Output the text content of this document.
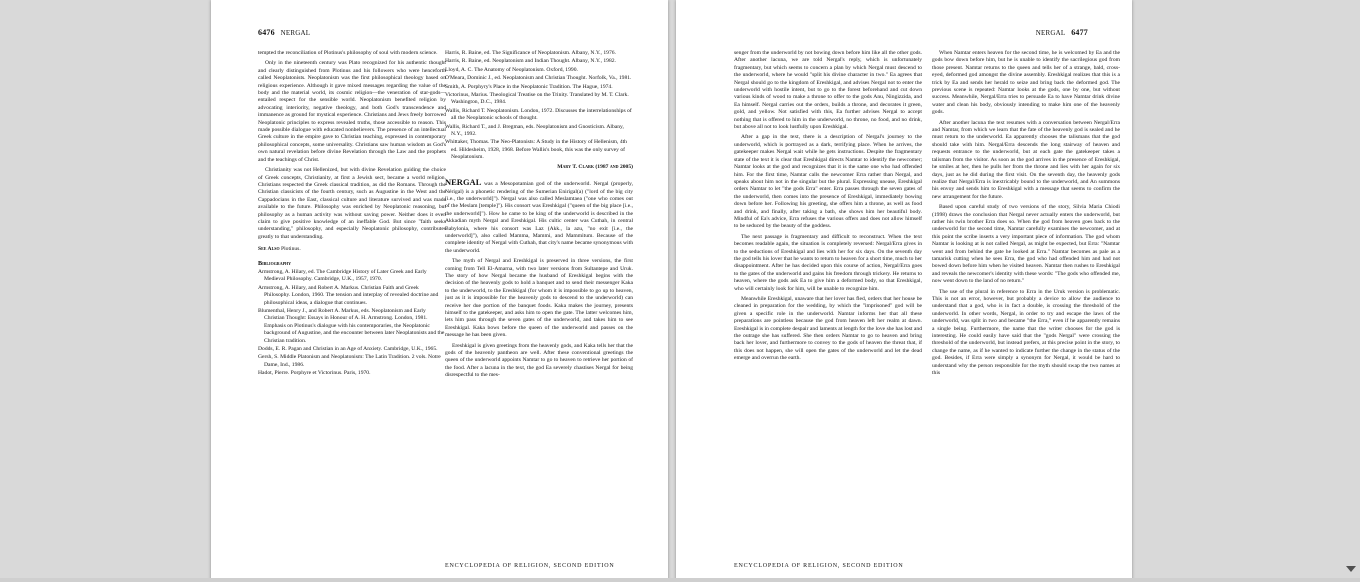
6476 NERGAL

tempted the reconciliation of Plotinus's philosophy of soul with modern science.

Only in the nineteenth century was Plato recognized for his authentic thought and clearly distinguished from Plotinus and his followers who were henceforth called Neoplatonists. Neoplatonism was the first philosophical theology based on religious experience. Although it gave mixed messages regarding the value of the body and the material world, its cosmic religion—the veneration of star-gods—entailed respect for the sensible world. Neoplatonism benefited religion by advocating interiority, negative theology, and both God's transcendence and immanence as ground for mystical experience. Christians and Jews freely borrowed Neoplatonic principles to express revealed truths, those accessible to reason. This made possible dialogue with educated nonbelievers. The presence of an intellectual Greek culture in the empire gave to Christian teaching, expressed in contemporary philosophical concepts, some universality. Christians saw human wisdom as God's own natural revelation before divine Revelation through the Law and the prophets and the teachings of Christ.

Christianity was not Hellenized, but with divine Revelation guiding the choice of Greek concepts, Christianity, at first a Jewish sect, became a world religion. Christians respected the Greek classical tradition, as did the Romans. Through the Christian classicists of the fourth century, such as Augustine in the West and the Cappadocians in the East, classical culture and literature survived and was made available to the future. Philosophy was enriched by Neoplatonic reasoning, but philosophy as a human activity was without saving power. Neither does it even claim to give positive knowledge of an ineffable God. But since "faith seeks understanding," philosophy, and especially Neoplatonic philosophy, contributes greatly to that understanding.

See Also Plotinus.

Bibliography

Armstrong, A. Hilary, ed. The Cambridge History of Later Greek and Early Medieval Philosophy. Cambridge, U.K., 1957, 1970.

Armstrong, A. Hilary, and Robert A. Markus. Christian Faith and Greek Philosophy. London, 1960. The tension and interplay of revealed doctrine and philosophical ideas, a dialogue that continues.

Blumenthal, Henry J., and Robert A. Markus, eds. Neoplatonism and Early Christian Thought: Essays in Honour of A. H. Armstrong. London, 1981. Emphasis on Plotinus's dialogue with his contemporaries, the Neoplatonic background of Augustine, and the encounter between later Neoplatonists and the Christian tradition.

Dodds, E. R. Pagan and Christian in an Age of Anxiety. Cambridge, U.K., 1965.

Gersh, S. Middle Platonism and Neoplatonism: The Latin Tradition. 2 vols. Notre Dame, Ind., 1986.

Hadot, Pierre. Porphyre et Victorinus. Paris, 1970.

Harris, R. Baine, ed. The Significance of Neoplatonism. Albany, N.Y., 1976.

Harris, R. Baine, ed. Neoplatonism and Indian Thought. Albany, N.Y., 1982.

Lloyd, A. C. The Anatomy of Neoplatonism. Oxford, 1990.

O'Meara, Dominic J., ed. Neoplatonism and Christian Thought. Norfolk, Va., 1981.

Smith, A. Porphyry's Place in the Neoplatonic Tradition. The Hague, 1974.

Victorinus, Marius. Theological Treatise on the Trinity. Translated by M. T. Clark. Washington, D.C., 1984.

Wallis, Richard T. Neoplatonism. London, 1972. Discusses the interrelationships of all the Neoplatonic schools of thought.

Wallis, Richard T., and J. Bregman, eds. Neoplatonism and Gnosticism. Albany, N.Y., 1992.

Whittaker, Thomas. The Neo-Platonists: A Study in the History of Hellenism, 4th ed. Hildesheim, 1928, 1968. Before Wallis's book, this was the only survey of Neoplatonism.

Mary T. Clark (1987 and 2005)

NERGAL was a Mesopotamian god of the underworld. Nergal (properly, Nérigal) is a phonetic rendering of the Sumerian Enirigal(a) ("lord of the big city [i.e., the underworld]"). Nergal was also called Meslamtaea ("one who comes out of the Meslam [temple]"). His consort was Ereshkigal ("queen of the big place [i.e., the underworld]"). How he came to be king of the underworld is described in the Akkadian myth Nergal and Ereshkigal. His cultic center was Cuthah, in central Babylonia, where his consort was Laz (Akk., la azu, "no exit [i.e., the underworld]"), also called Mamma, Mammi, and Mammitum. Because of the complete identity of Nergal with Cuthah, that city's name became synonymous with the underworld.

The myth of Nergal and Ereshkigal is preserved in three versions, the first coming from Tell El-Amarna, with two later versions from Sultantepe and Uruk. The story of how Nergal became the husband of Ereshkigal begins with the decision of the heavenly gods to hold a banquet and to send their messenger Kaka to the underworld, to the Ereshkigal (for whom it is impossible to go up to heaven, just as it is impossible for the heavenly gods to descend to the underworld) can receive her due portion of the banquet foods. Kaka makes the journey, presents himself to the gatekeeper, and asks him to open the gate. The latter welcomes him, lets him pass through the seven gates of the underworld, and takes him to see Ereshkigal. Kaka bows before the queen of the underworld and passes on the message he has been given.

Ereshkigal is given greetings from the heavenly gods, and Kaka tells her that the gods of the heavenly pantheon are well. After these conventional greetings the queen of the underworld appoints Namtar to go to heaven to retrieve her portion of the food. After a lacuna in the text, the god Ea severely chastises Nergal for being disrespectful to the mes-

ENCYCLOPEDIA OF RELIGION, SECOND EDITION
NERGAL 6477

senger from the underworld by not bowing down before him like all the other gods. After another lacuna, we are told Nergal's reply, which is unfortunately fragmentary, but which seems to concern a plan by which Nergal must descend to the underworld, where he would "split his divine character in two." Ea agrees that Nergal should go to the kingdom of Ereshkigal, and advises Nergal not to enter the underworld with hostile intent, but to go to the forest beforehand and cut down various kinds of wood to make a throne to offer to the gods Anu, Ningizzida, and Ea himself. Nergal carries out the orders, builds a throne, and decorates it green, gold, and yellow. Not satisfied with this, Ea further advises Nergal to accept nothing that is offered to him in the underworld, no throne, no food, and no drink, but above all not to look lustfully upon Ereshkigal.

After a gap in the text, there is a description of Nergal's journey to the underworld, which is portrayed as a dark, terrifying place. When he arrives, the gatekeeper makes Nergal wait while he gets instructions. Despite the fragmentary state of the text it is clear that Ereshkigal directs Namtar to identify the newcomer; Namtar looks at the god and recognizes that it is the same one who had offended him. For the first time, Namtar calls the newcomer Erra rather than Nergal, and speaks about him not in the singular but the plural. Expressing unease, Ereshkigal orders Namtar to let "the gods Erra" enter. Erra passes through the seven gates of the underworld, then comes into the presence of Ereshkigal, immediately bowing down before her. Following his greeting, she offers him a throne, as well as food and drink, and finally, after taking a bath, she shows him her beautiful body. Mindful of Ea's advice, Erra refuses the various offers and does not allow himself to be seduced by the beauty of the goddess.

The next passage is fragmentary and difficult to reconstruct. When the text becomes readable again, the situation is completely reversed: Nergal/Erra gives in to the seductions of Ereshkigal and lies with her for six days. On the seventh day the god tells his lover that he wants to return to heaven for a short time, much to her disappointment. After he has decided upon this course of action, Nergal/Erra goes to the gates of the underworld and gains his freedom through trickery. He returns to heaven, where the gods ask Ea to give him a deformed body, so that Ereshkigal, who will certainly look for him, will be unable to recognize him.

Meanwhile Ereshkigal, unaware that her lover has fled, orders that her house be cleaned in preparation for the wedding, by which the "imprisoned" god will be given a specific role in the underworld. Namtar informs her that all these preparations are pointless because the god from heaven left her realm at dawn. Ereshkigal is in complete despair and laments at length for the love she has lost and the outrage she has suffered. She then orders Namtar to go to heaven and bring back her lover, and furthermore to convey to the gods of heaven the threat that, if this does not happen, she will open the gates of the underworld and let the dead emerge and overrun the earth.

When Namtar enters heaven for the second time, he is welcomed by Ea and the gods bow down before him, but he is unable to identify the sacrilegious god from those present. Namtar returns to the queen and tells her of a strange, bald, cross-eyed, deformed god amongst the divine assembly. Ereshkigal realizes that this is a trick by Ea and sends her herald to seize and bring back the deformed god. The previous scene is repeated: Namtar looks at the gods, one by one, but without success. Meanwhile, Nergal/Erra tries to persuade Ea to have Namtar drink divine water and clean his body, obviously intending to make him one of the heavenly gods.

After another lacuna the text resumes with a conversation between Nergal/Erra and Namtar, from which we learn that the fate of the heavenly god is sealed and he must return to the underworld. Ea apparently chooses the talismans that the god should take with him. Nergal/Erra descends the long stairway of heaven and requests entrance to the underworld, but at each gate the gatekeeper takes a talisman from the visitor. As soon as the god arrives in the presence of Ereshkigal, he smiles at her, then he pulls her from the throne and lies with her again for six days, just as he did during the first visit. On the seventh day, the heavenly gods realize that Nergal/Erra is inextricably bound to the underworld, and An summons his envoy and sends him to Ereshkigal with a message that seems to confirm the new arrangement for the future.

Based upon careful study of two versions of the story, Silvia Maria Chiodi (1998) draws the conclusion that Nergal never actually enters the underworld, but rather his twin brother Erra does so. When the god from heaven goes back to the underworld for the second time, Namtar carefully examines the newcomer, and at this point the scribe inserts a very important piece of information. The god whom Namtar is looking at is not called Nergal, as might be expected, but Erra: "Namtar went and from behind the gate he looked at Erra." Namtar becomes as pale as a tamarisk cutting when he sees Erra, the god who had offended him and had not bowed down before him when he visited heaven. Namtar then rushes to Ereshkigal and reveals the newcomer's identity with these words: "The gods who offended me, now went down to the land of no return."

The use of the plural in reference to Erra in the Uruk version is problematic. This is not an error, however, but probably a device to allow the audience to understand that a god, who is in fact a double, is crossing the threshold of the underworld. In other words, Nergal, in order to try and escape the laws of the underworld, was split in two and became "the Erra," even if he apparently remains a single being. Furthermore, the name that the writer chooses for the god is interesting. He could easily have said that the "gods Nergal" were crossing the threshold of the underworld, but instead prefers, at this precise point in the story, to change the name, as if he wanted to indicate further the change in the status of the god. Besides, if Erra were simply a synonym for Nergal, it would be hard to understand why the person responsible for the myth should swap the two names at this

ENCYCLOPEDIA OF RELIGION, SECOND EDITION
